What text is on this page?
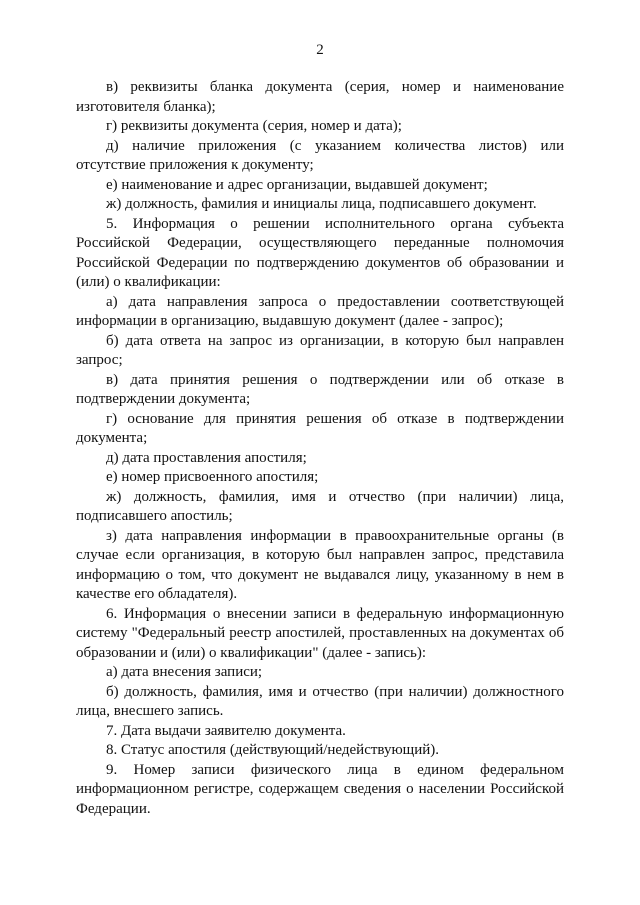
2

в) реквизиты бланка документа (серия, номер и наименование изготовителя бланка);

г) реквизиты документа (серия, номер и дата);

д) наличие приложения (с указанием количества листов) или отсутствие приложения к документу;

е) наименование и адрес организации, выдавшей документ;

ж) должность, фамилия и инициалы лица, подписавшего документ.

5. Информация о решении исполнительного органа субъекта Российской Федерации, осуществляющего переданные полномочия Российской Федерации по подтверждению документов об образовании и (или) о квалификации:

а) дата направления запроса о предоставлении соответствующей информации в организацию, выдавшую документ (далее - запрос);

б) дата ответа на запрос из организации, в которую был направлен запрос;

в) дата принятия решения о подтверждении или об отказе в подтверждении документа;

г) основание для принятия решения об отказе в подтверждении документа;

д) дата проставления апостиля;

е) номер присвоенного апостиля;

ж) должность, фамилия, имя и отчество (при наличии) лица, подписавшего апостиль;

з) дата направления информации в правоохранительные органы (в случае если организация, в которую был направлен запрос, представила информацию о том, что документ не выдавался лицу, указанному в нем в качестве его обладателя).

6. Информация о внесении записи в федеральную информационную систему "Федеральный реестр апостилей, проставленных на документах об образовании и (или) о квалификации" (далее - запись):

а) дата внесения записи;

б) должность, фамилия, имя и отчество (при наличии) должностного лица, внесшего запись.

7. Дата выдачи заявителю документа.

8. Статус апостиля (действующий/недействующий).

9. Номер записи физического лица в едином федеральном информационном регистре, содержащем сведения о населении Российской Федерации.
